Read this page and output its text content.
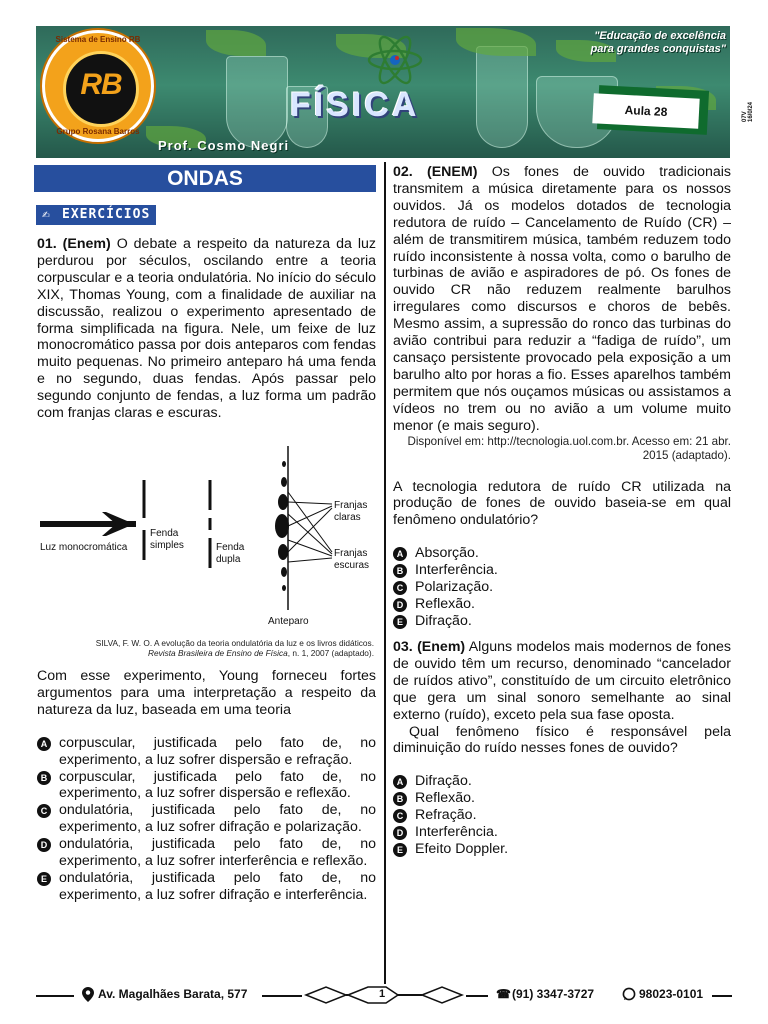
FÍSICA
"Educação de excelência
para grandes conquistas"
Prof. Cosmo Negri
Aula 28	07V 16/0/24
Sistema de Ensino RB
RB
Grupo Rosana Barros
ONDAS
✍ EXERCÍCIOS

01. (Enem) O debate a respeito da natureza da luz perdurou por séculos, oscilando entre a teoria corpuscular e a teoria ondulatória. No início do século XIX, Thomas Young, com a finalidade de auxiliar na discussão, realizou o experimento apresentado de forma simplificada na figura. Nele, um feixe de luz monocromático passa por dois anteparos com fendas muito pequenas. No primeiro anteparo há uma fenda e no segundo, duas fendas. Após passar pelo segundo conjunto de fendas, a luz forma um padrão com franjas claras e escuras.

Luz monocromática
Fenda
simples	Fenda
dupla
Franjas
claras
Franjas
escuras
Anteparo
SILVA, F. W. O. A evolução da teoria ondulatória da luz e os livros didáticos.
Revista Brasileira de Ensino de Física, n. 1, 2007 (adaptado).

Com esse experimento, Young forneceu fortes argumentos para uma interpretação a respeito da natureza da luz, baseada em uma teoria

A corpuscular, justificada pelo fato de, no experimento, a luz sofrer dispersão e refração.
B corpuscular, justificada pelo fato de, no experimento, a luz sofrer dispersão e reflexão.
C ondulatória, justificada pelo fato de, no experimento, a luz sofrer difração e polarização.
D ondulatória, justificada pelo fato de, no experimento, a luz sofrer interferência e reflexão.
E ondulatória, justificada pelo fato de, no experimento, a luz sofrer difração e interferência.

02. (ENEM) Os fones de ouvido tradicionais transmitem a música diretamente para os nossos ouvidos. Já os modelos dotados de tecnologia redutora de ruído – Cancelamento de Ruído (CR) – além de transmitirem música, também reduzem todo ruído inconsistente à nossa volta, como o barulho de turbinas de avião e aspiradores de pó. Os fones de ouvido CR não reduzem realmente barulhos irregulares como discursos e choros de bebês. Mesmo assim, a supressão do ronco das turbinas do avião contribui para reduzir a “fadiga de ruído”, um cansaço persistente provocado pela exposição a um barulho alto por horas a fio. Esses aparelhos também permitem que nós ouçamos músicas ou assistamos a vídeos no trem ou no avião a um volume muito menor (e mais seguro).

Disponível em: http://tecnologia.uol.com.br. Acesso em: 21 abr. 2015 (adaptado).

A tecnologia redutora de ruído CR utilizada na produção de fones de ouvido baseia-se em qual fenômeno ondulatório?

A Absorção.
B Interferência.
C Polarização.
D Reflexão.
E Difração.

03. (Enem) Alguns modelos mais modernos de fones de ouvido têm um recurso, denominado “cancelador de ruídos ativo”, constituído de um circuito eletrônico que gera um sinal sonoro semelhante ao sinal externo (ruído), exceto pela sua fase oposta.

Qual fenômeno físico é responsável pela diminuição do ruído nesses fones de ouvido?

A Difração.
B Reflexão.
C Refração.
D Interferência.
E Efeito Doppler.
Av. Magalhães Barata, 577	1	☎ (91) 3347-3727	98023-0101
